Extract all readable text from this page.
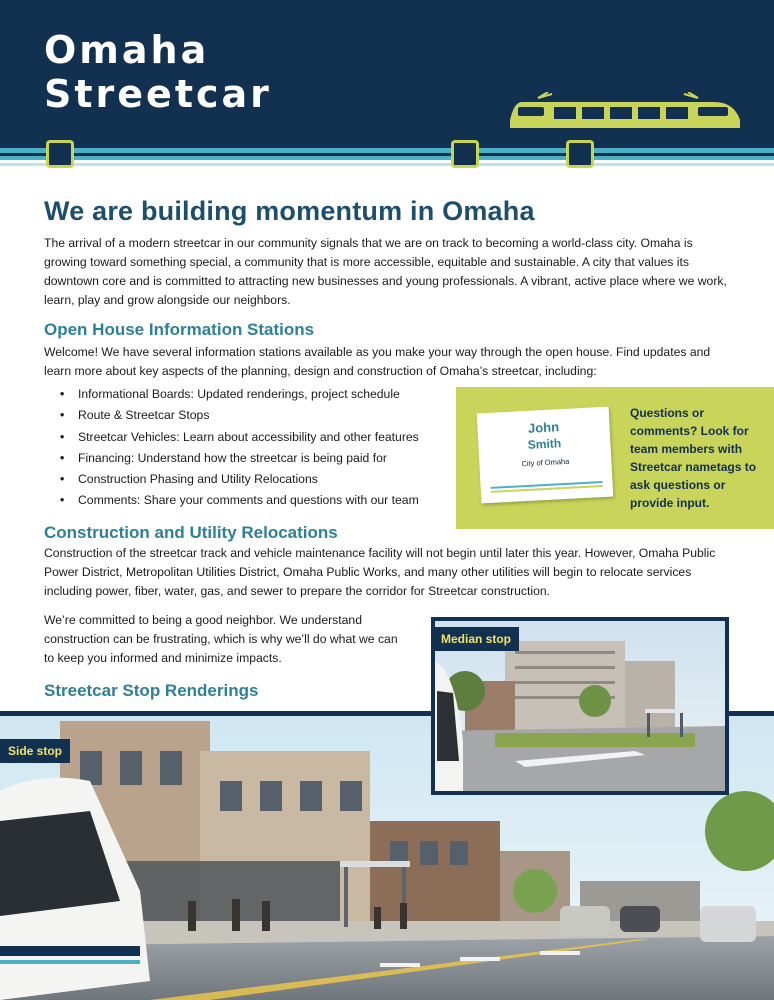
Omaha
Streetcar
We are building momentum in Omaha
The arrival of a modern streetcar in our community signals that we are on track to becoming a world-class city. Omaha is growing toward something special, a community that is more accessible, equitable and sustainable. A city that values its downtown core and is committed to attracting new businesses and young professionals. A vibrant, active place where we work, learn, play and grow alongside our neighbors.
Open House Information Stations
Welcome! We have several information stations available as you make your way through the open house. Find updates and learn more about key aspects of the planning, design and construction of Omaha’s streetcar, including:
• Informational Boards: Updated renderings, project schedule
• Route & Streetcar Stops
• Streetcar Vehicles: Learn about accessibility and other features
• Financing: Understand how the streetcar is being paid for
• Construction Phasing and Utility Relocations
• Comments: Share your comments and questions with our team
John
Smith
City of Omaha
Questions or comments? Look for team members with Streetcar nametags to ask questions or provide input.
Construction and Utility Relocations
Construction of the streetcar track and vehicle maintenance facility will not begin until later this year. However, Omaha Public Power District, Metropolitan Utilities District, Omaha Public Works, and many other utilities will begin to relocate services including power, fiber, water, gas, and sewer to prepare the corridor for Streetcar construction.
We’re committed to being a good neighbor. We understand construction can be frustrating, which is why we’ll do what we can to keep you informed and minimize impacts.
Streetcar Stop Renderings
Side stop
Median stop
